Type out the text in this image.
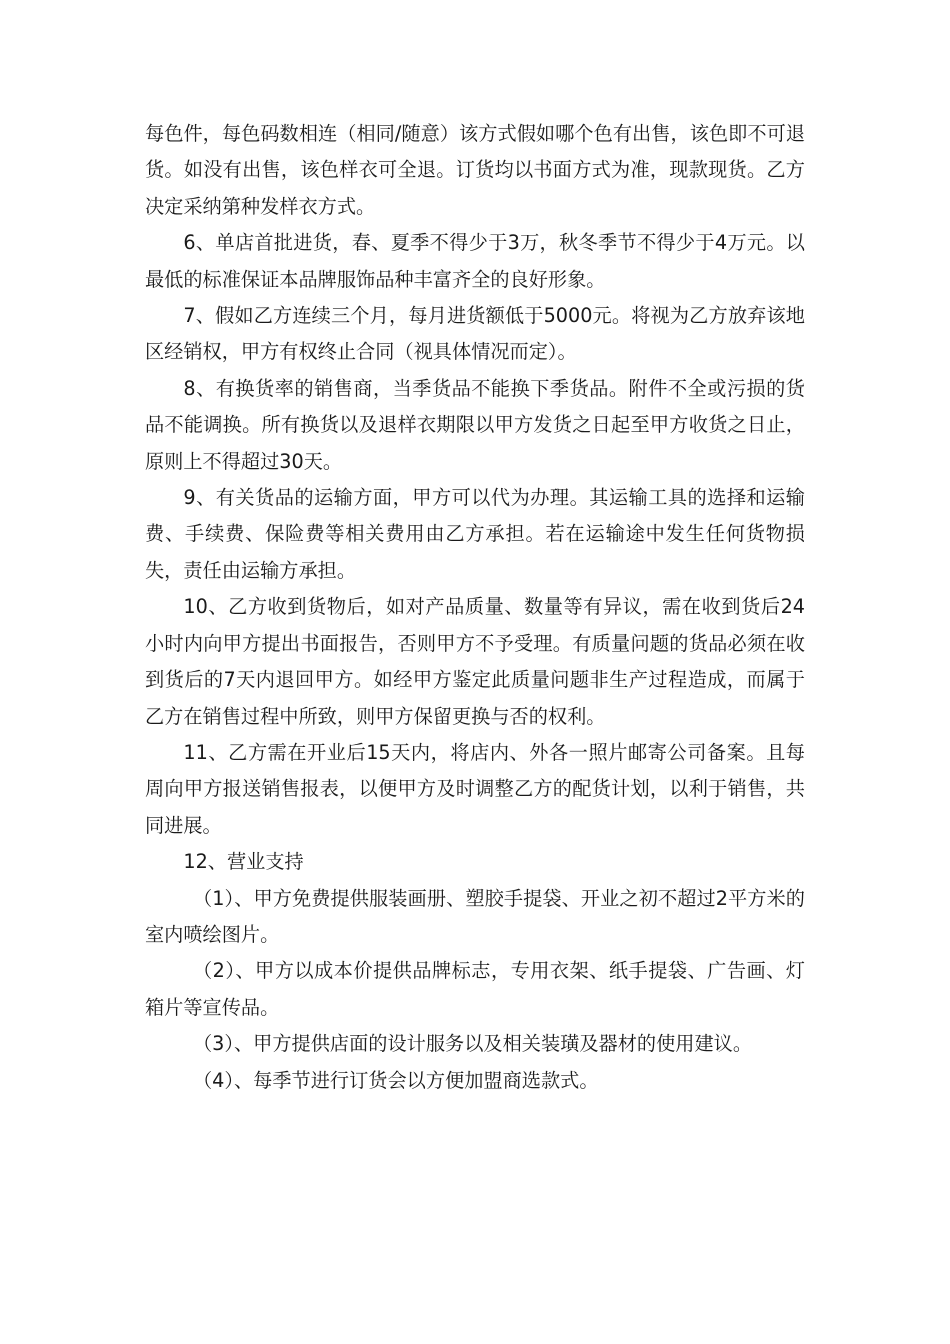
每色件，每色码数相连（相同/随意）该方式假如哪个色有出售，该色即不可退货。如没有出售，该色样衣可全退。订货均以书面方式为准，现款现货。乙方决定采纳第种发样衣方式。

6、单店首批进货，春、夏季不得少于3万，秋冬季节不得少于4万元。以最低的标准保证本品牌服饰品种丰富齐全的良好形象。

7、假如乙方连续三个月，每月进货额低于5000元。将视为乙方放弃该地区经销权，甲方有权终止合同（视具体情况而定）。

8、有换货率的销售商，当季货品不能换下季货品。附件不全或污损的货品不能调换。所有换货以及退样衣期限以甲方发货之日起至甲方收货之日止，原则上不得超过30天。

9、有关货品的运输方面，甲方可以代为办理。其运输工具的选择和运输费、手续费、保险费等相关费用由乙方承担。若在运输途中发生任何货物损失，责任由运输方承担。

10、乙方收到货物后，如对产品质量、数量等有异议，需在收到货后24小时内向甲方提出书面报告，否则甲方不予受理。有质量问题的货品必须在收到货后的7天内退回甲方。如经甲方鉴定此质量问题非生产过程造成，而属于乙方在销售过程中所致，则甲方保留更换与否的权利。

11、乙方需在开业后15天内，将店内、外各一照片邮寄公司备案。且每周向甲方报送销售报表，以便甲方及时调整乙方的配货计划，以利于销售，共同进展。

12、营业支持

（1）、甲方免费提供服装画册、塑胶手提袋、开业之初不超过2平方米的室内喷绘图片。

（2）、甲方以成本价提供品牌标志，专用衣架、纸手提袋、广告画、灯箱片等宣传品。

（3）、甲方提供店面的设计服务以及相关装璜及器材的使用建议。

（4）、每季节进行订货会以方便加盟商选款式。
